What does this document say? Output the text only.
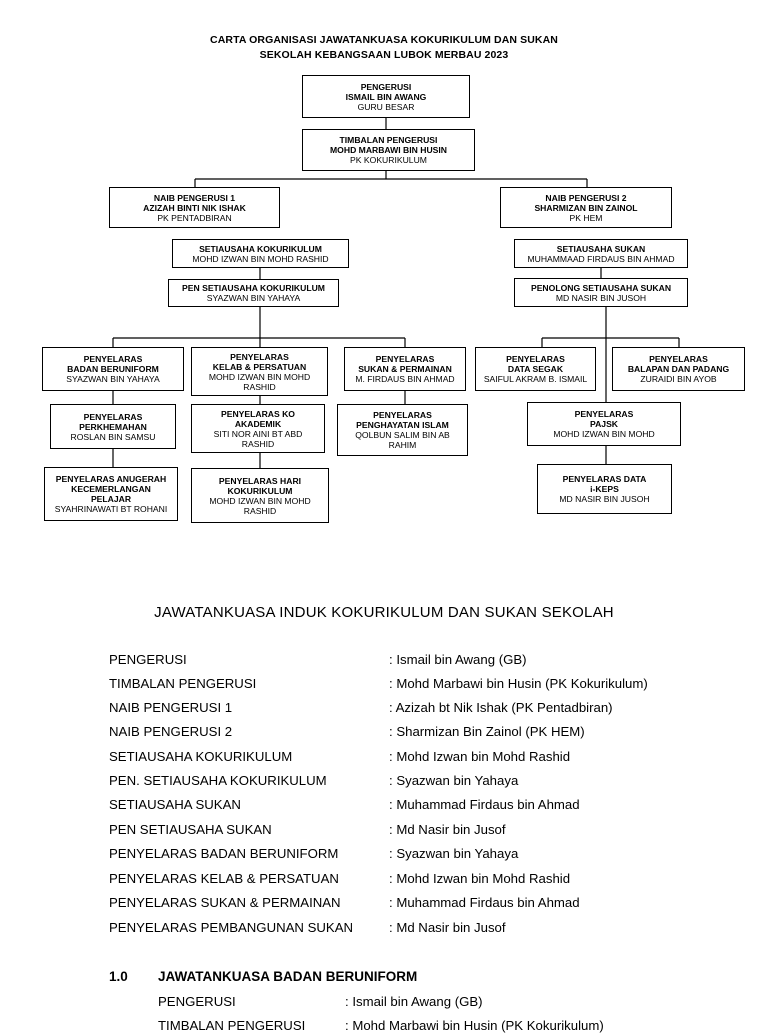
CARTA ORGANISASI JAWATANKUASA KOKURIKULUM DAN SUKAN
SEKOLAH KEBANGSAAN LUBOK MERBAU 2023
PENGERUSI
ISMAIL BIN AWANG
GURU BESAR
TIMBALAN PENGERUSI
MOHD MARBAWI BIN HUSIN
PK KOKURIKULUM
NAIB PENGERUSI 1
AZIZAH BINTI NIK ISHAK
PK PENTADBIRAN
NAIB PENGERUSI 2
SHARMIZAN BIN ZAINOL
PK HEM
SETIAUSAHA KOKURIKULUM
MOHD IZWAN BIN MOHD RASHID
PEN SETIAUSAHA KOKURIKULUM
SYAZWAN BIN YAHAYA
SETIAUSAHA SUKAN
MUHAMMAAD FIRDAUS BIN AHMAD
PENOLONG SETIAUSAHA SUKAN
MD NASIR BIN JUSOH
PENYELARAS
BADAN BERUNIFORM
SYAZWAN BIN YAHAYA
PENYELARAS
KELAB & PERSATUAN
MOHD IZWAN BIN MOHD
RASHID
PENYELARAS
SUKAN & PERMAINAN
M. FIRDAUS BIN AHMAD
PENYELARAS
PERKHEMAHAN
ROSLAN BIN SAMSU
PENYELARAS KO
AKADEMIK
SITI NOR AINI BT ABD
RASHID
PENYELARAS
PENGHAYATAN ISLAM
QOLBUN SALIM BIN AB
RAHIM
PENYELARAS ANUGERAH
KECEMERLANGAN
PELAJAR
SYAHRINAWATI BT ROHANI
PENYELARAS HARI
KOKURIKULUM
MOHD IZWAN BIN MOHD
RASHID
PENYELARAS
DATA SEGAK
SAIFUL AKRAM B. ISMAIL
PENYELARAS
BALAPAN DAN PADANG
ZURAIDI BIN AYOB
PENYELARAS
PAJSK
MOHD IZWAN BIN MOHD
PENYELARAS DATA
i-KEPS
MD NASIR BIN JUSOH
JAWATANKUASA INDUK KOKURIKULUM DAN SUKAN SEKOLAH
PENGERUSI	: Ismail bin Awang (GB)
TIMBALAN PENGERUSI	: Mohd Marbawi bin Husin (PK Kokurikulum)
NAIB PENGERUSI 1	: Azizah bt Nik Ishak (PK Pentadbiran)
NAIB PENGERUSI 2	: Sharmizan Bin Zainol (PK HEM)
SETIAUSAHA KOKURIKULUM	: Mohd Izwan bin Mohd Rashid
PEN. SETIAUSAHA KOKURIKULUM	: Syazwan bin Yahaya
SETIAUSAHA SUKAN	: Muhammad Firdaus bin Ahmad
PEN SETIAUSAHA SUKAN	: Md Nasir bin Jusof
PENYELARAS BADAN BERUNIFORM	: Syazwan bin Yahaya
PENYELARAS KELAB & PERSATUAN	: Mohd Izwan bin Mohd Rashid
PENYELARAS SUKAN & PERMAINAN	: Muhammad Firdaus bin Ahmad
PENYELARAS PEMBANGUNAN SUKAN	: Md Nasir bin Jusof
1.0 JAWATANKUASA BADAN BERUNIFORM
PENGERUSI	: Ismail bin Awang (GB)
TIMBALAN PENGERUSI	: Mohd Marbawi bin Husin (PK Kokurikulum)
